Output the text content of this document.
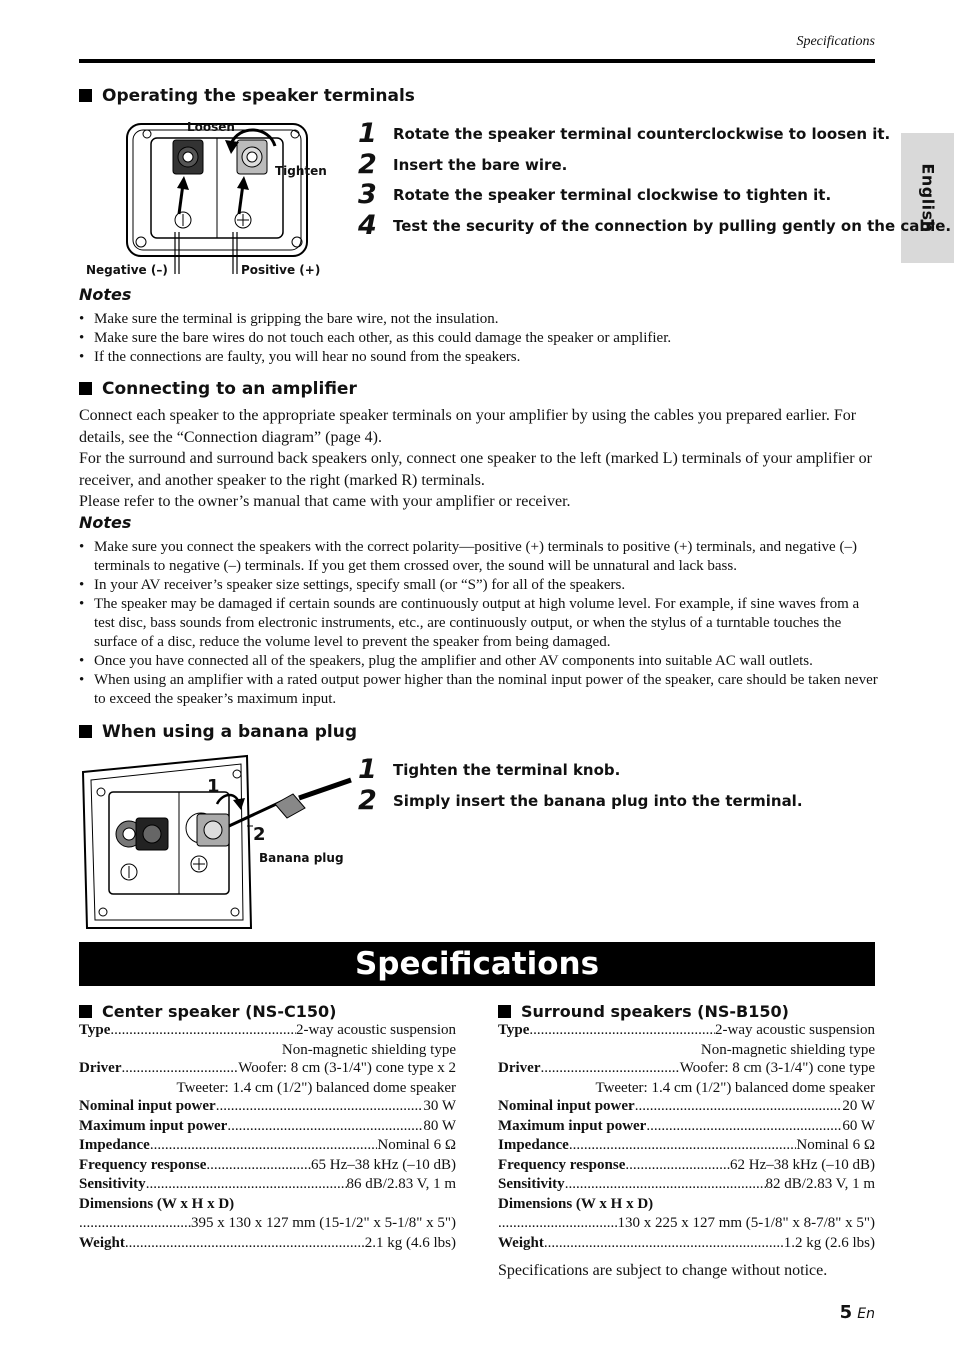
Specifications
English
Operating the speaker terminals
Loosen
Tighten
Negative (–)	Positive (+)
1 Rotate the speaker terminal counterclockwise to loosen it.
2 Insert the bare wire.
3 Rotate the speaker terminal clockwise to tighten it.
4 Test the security of the connection by pulling gently on the cable.
Notes
• Make sure the terminal is gripping the bare wire, not the insulation.
• Make sure the bare wires do not touch each other, as this could damage the speaker or amplifier.
• If the connections are faulty, you will hear no sound from the speakers.
Connecting to an amplifier
Connect each speaker to the appropriate speaker terminals on your amplifier by using the cables you prepared earlier. For details, see the “Connection diagram” (page 4).
For the surround and surround back speakers only, connect one speaker to the left (marked L) terminals of your amplifier or receiver, and another speaker to the right (marked R) terminals.
Please refer to the owner’s manual that came with your amplifier or receiver.
Notes
• Make sure you connect the speakers with the correct polarity—positive (+) terminals to positive (+) terminals, and negative (–) terminals to negative (–) terminals. If you get them crossed over, the sound will be unnatural and lack bass.
• In your AV receiver’s speaker size settings, specify small (or “S”) for all of the speakers.
• The speaker may be damaged if certain sounds are continuously output at high volume level. For example, if sine waves from a test disc, bass sounds from electronic instruments, etc., are continuously output, or when the stylus of a turntable touches the surface of a disc, reduce the volume level to prevent the speaker from being damaged.
• Once you have connected all of the speakers, plug the amplifier and other AV components into suitable AC wall outlets.
• When using an amplifier with a rated output power higher than the nominal input power of the speaker, care should be taken never to exceed the speaker’s maximum input.
When using a banana plug
1
2
Banana plug
1 Tighten the terminal knob.
2 Simply insert the banana plug into the terminal.
Specifications
Center speaker (NS-C150)
Type .....	2-way acoustic suspension
Non-magnetic shielding type
Driver .....	Woofer: 8 cm (3-1/4") cone type x 2
Tweeter: 1.4 cm (1/2") balanced dome speaker
Nominal input power .....	30 W
Maximum input power .....	80 W
Impedance .....	Nominal 6 Ω
Frequency response .....	65 Hz–38 kHz (–10 dB)
Sensitivity .....	86 dB/2.83 V, 1 m
Dimensions (W x H x D)
.....
395 x 130 x 127 mm (15-1/2" x 5-1/8" x 5")
Weight .....	2.1 kg (4.6 lbs)
Surround speakers (NS-B150)
Type .....	2-way acoustic suspension
Non-magnetic shielding type
Driver .....	Woofer: 8 cm (3-1/4") cone type
Tweeter: 1.4 cm (1/2") balanced dome speaker
Nominal input power .....	20 W
Maximum input power .....	60 W
Impedance .....	Nominal 6 Ω
Frequency response .....	62 Hz–38 kHz (–10 dB)
Sensitivity .....	82 dB/2.83 V, 1 m
Dimensions (W x H x D)
.....
130 x 225 x 127 mm (5-1/8" x 8-7/8" x 5")
Weight .....	1.2 kg (2.6 lbs)
Specifications are subject to change without notice.
5 En
